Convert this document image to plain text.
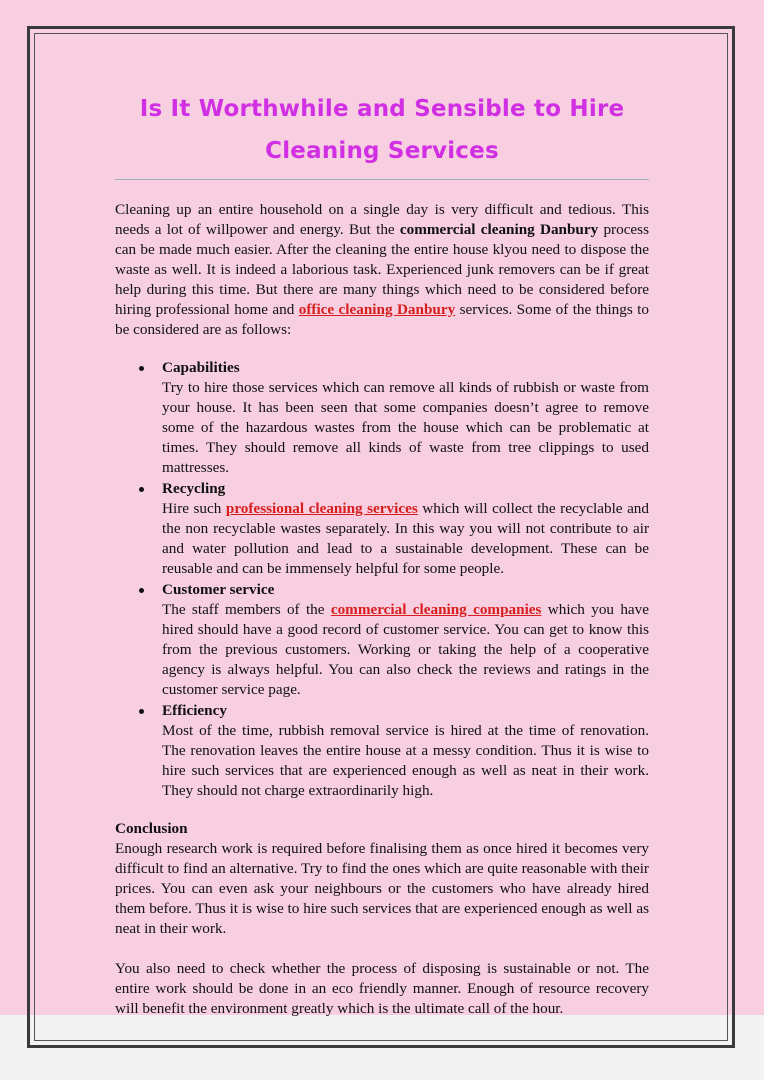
Is It Worthwhile and Sensible to Hire Cleaning Services

Cleaning up an entire household on a single day is very difficult and tedious. This needs a lot of willpower and energy. But the commercial cleaning Danbury process can be made much easier. After the cleaning the entire house klyou need to dispose the waste as well. It is indeed a laborious task. Experienced junk removers can be if great help during this time. But there are many things which need to be considered before hiring professional home and office cleaning Danbury services. Some of the things to be considered are as follows:

Capabilities

Try to hire those services which can remove all kinds of rubbish or waste from your house. It has been seen that some companies doesn’t agree to remove some of the hazardous wastes from the house which can be problematic at times. They should remove all kinds of waste from tree clippings to used mattresses.

Recycling

Hire such professional cleaning services which will collect the recyclable and the non recyclable wastes separately. In this way you will not contribute to air and water pollution and lead to a sustainable development. These can be reusable and can be immensely helpful for some people.

Customer service

The staff members of the commercial cleaning companies which you have hired should have a good record of customer service. You can get to know this from the previous customers. Working or taking the help of a cooperative agency is always helpful. You can also check the reviews and ratings in the customer service page.

Efficiency

Most of the time, rubbish removal service is hired at the time of renovation. The renovation leaves the entire house at a messy condition. Thus it is wise to hire such services that are experienced enough as well as neat in their work. They should not charge extraordinarily high.

Conclusion

Enough research work is required before finalising them as once hired it becomes very difficult to find an alternative. Try to find the ones which are quite reasonable with their prices. You can even ask your neighbours or the customers who have already hired them before. Thus it is wise to hire such services that are experienced enough as well as neat in their work.

You also need to check whether the process of disposing is sustainable or not. The entire work should be done in an eco friendly manner. Enough of resource recovery will benefit the environment greatly which is the ultimate call of the hour.
